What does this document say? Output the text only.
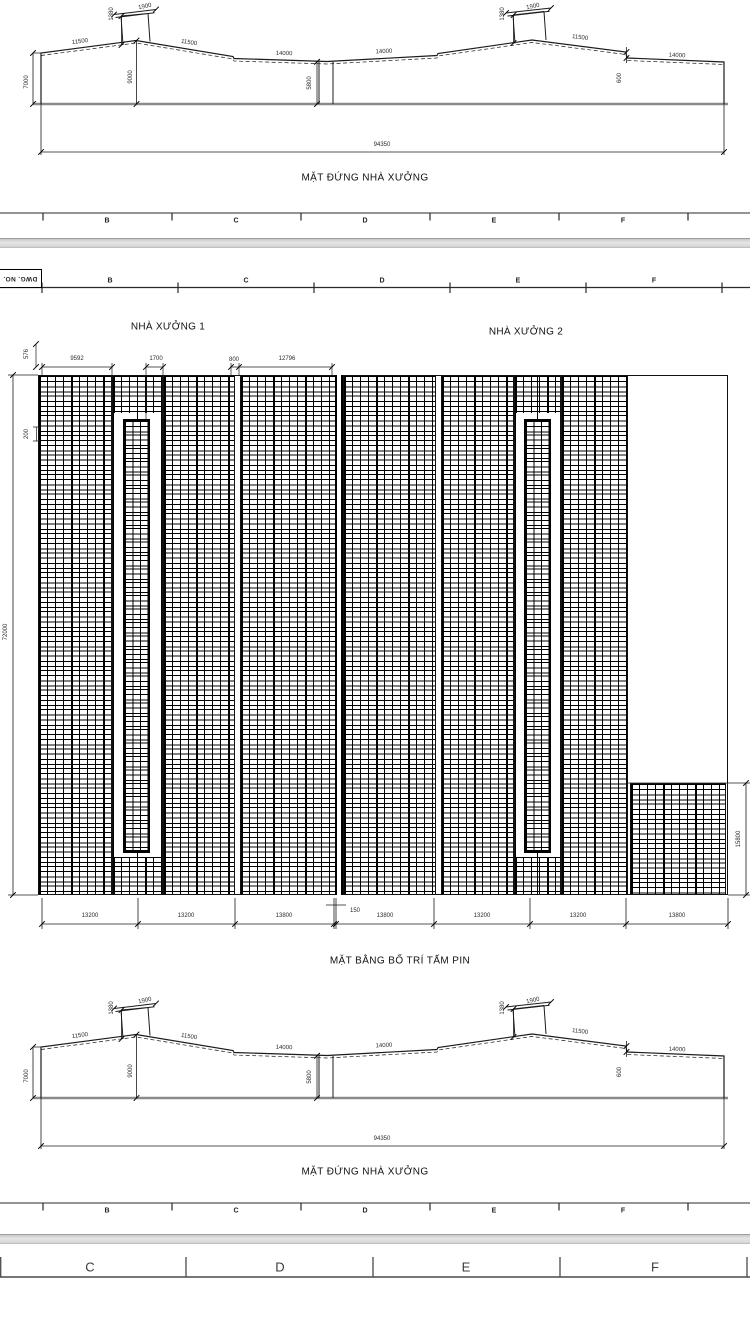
7000	9000	5800	600
1380	1380
1900	1900
11500	11500
11500
14000	14000
14000
94350
MẶT ĐỨNG NHÀ XƯỞNG
B	C	D	E	F
DWG. NO.	B	C	D	E	F
NHÀ XƯỞNG 1	NHÀ XƯỞNG 2
576	9592	1700	800	12796
200
72000
15800
13200	13200	13800
150
13800	13200	13200	13800
MẶT BẰNG BỐ TRÍ TẤM PIN
7000	9000	5800	600
1380	1380
1900	1900
11500	11500
11500
14000	14000
14000
94350
MẶT ĐỨNG NHÀ XƯỞNG
B	C	D	E	F
C	D	E	F
